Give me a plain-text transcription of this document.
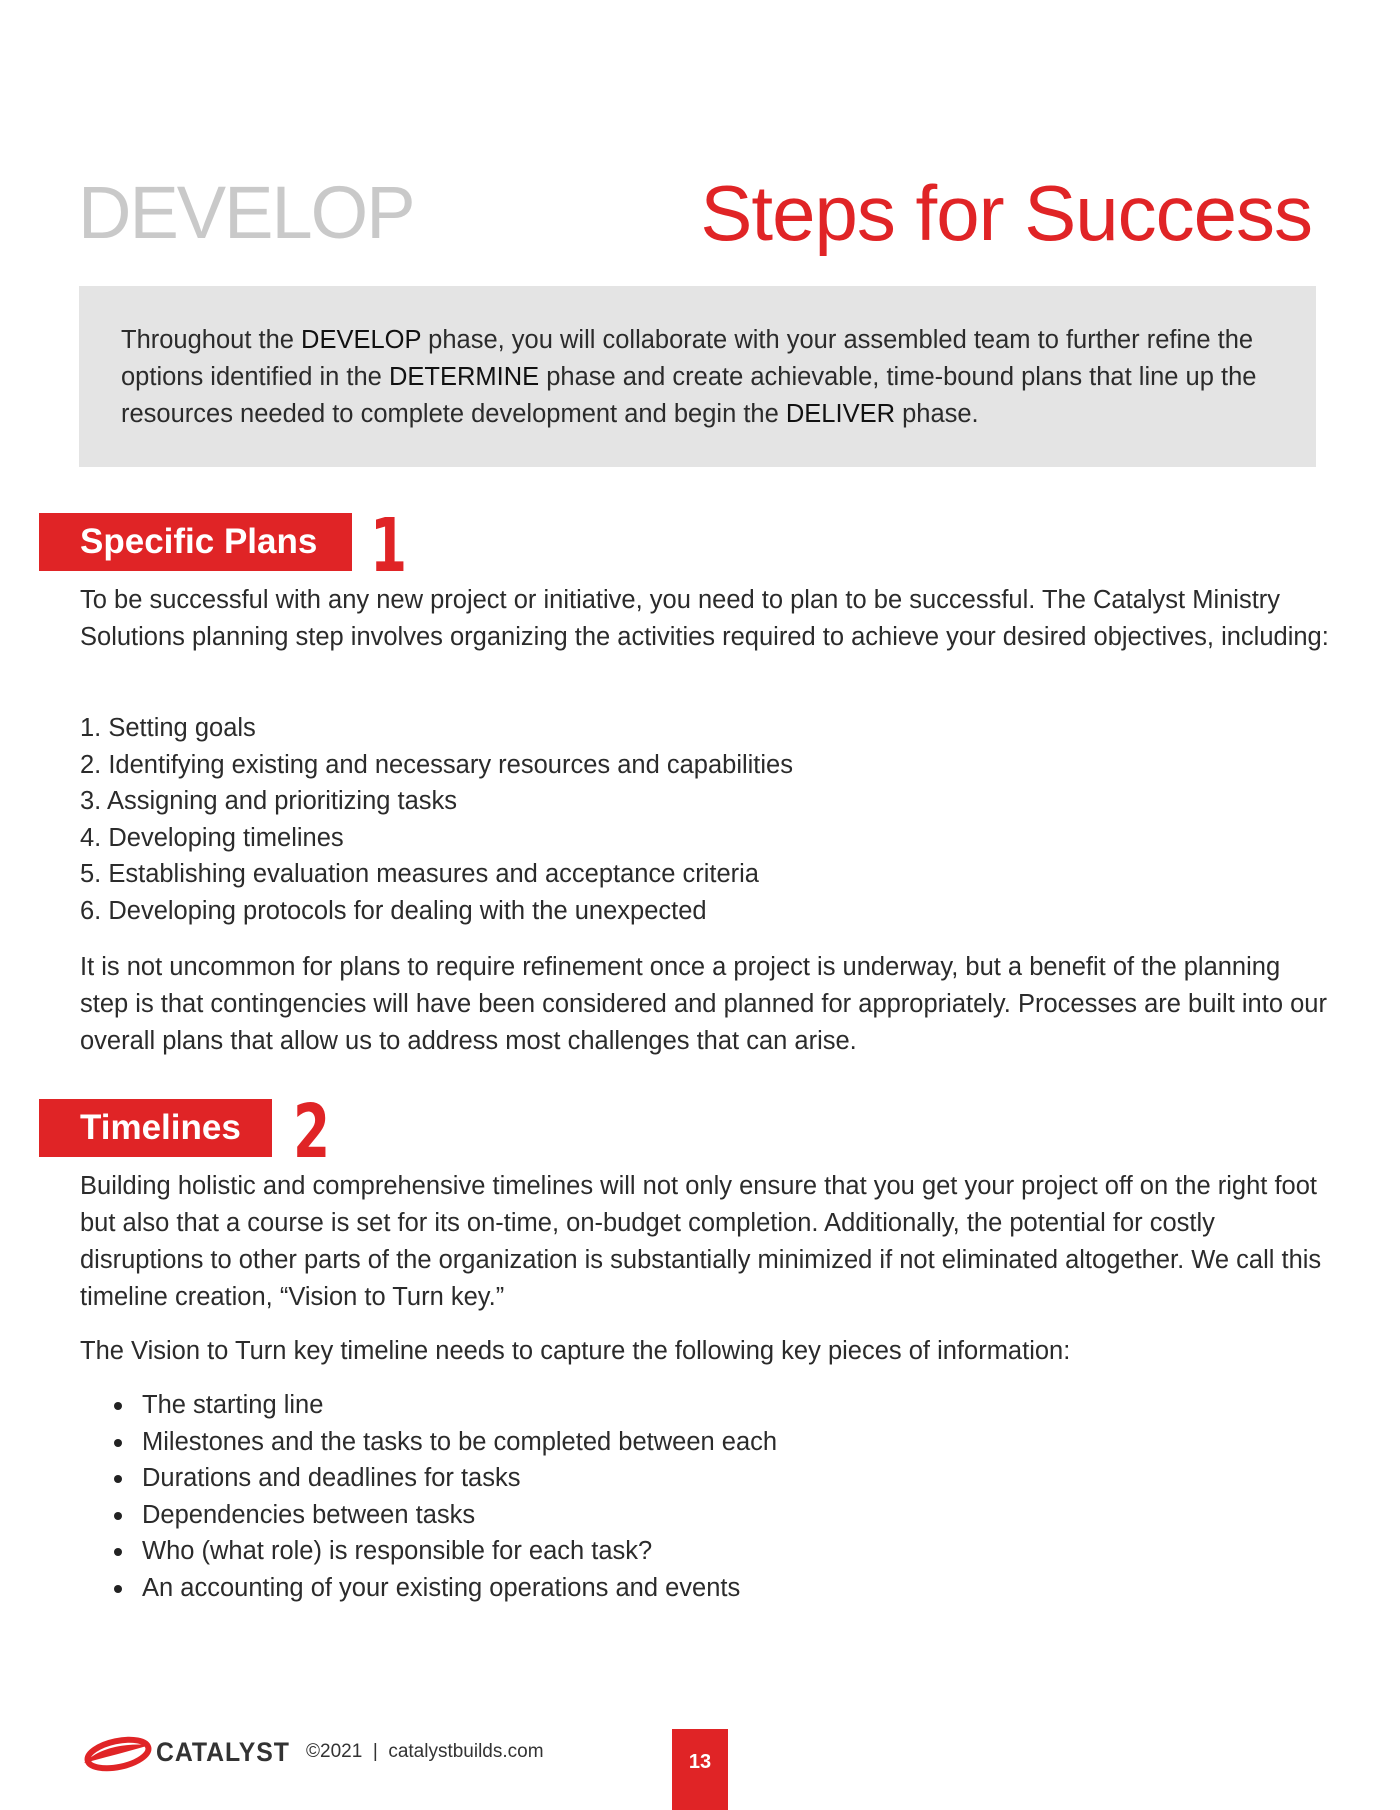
DEVELOP	Steps for Success
Throughout the DEVELOP phase, you will collaborate with your assembled team to further refine the options identified in the DETERMINE phase and create achievable, time-bound plans that line up the resources needed to complete development and begin the DELIVER phase.
Specific Plans 1

To be successful with any new project or initiative, you need to plan to be successful. The Catalyst Ministry Solutions planning step involves organizing the activities required to achieve your desired objectives, including:

1. Setting goals
2. Identifying existing and necessary resources and capabilities
3. Assigning and prioritizing tasks
4. Developing timelines
5. Establishing evaluation measures and acceptance criteria
6. Developing protocols for dealing with the unexpected

It is not uncommon for plans to require refinement once a project is underway, but a benefit of the planning step is that contingencies will have been considered and planned for appropriately. Processes are built into our overall plans that allow us to address most challenges that can arise.

Timelines 2

Building holistic and comprehensive timelines will not only ensure that you get your project off on the right foot but also that a course is set for its on-time, on-budget completion. Additionally, the potential for costly disruptions to other parts of the organization is substantially minimized if not eliminated altogether. We call this timeline creation, “Vision to Turn key.”

The Vision to Turn key timeline needs to capture the following key pieces of information:

The starting line
Milestones and the tasks to be completed between each
Durations and deadlines for tasks
Dependencies between tasks
Who (what role) is responsible for each task?
An accounting of your existing operations and events
CATALYST ©2021  |  catalystbuilds.com	13
